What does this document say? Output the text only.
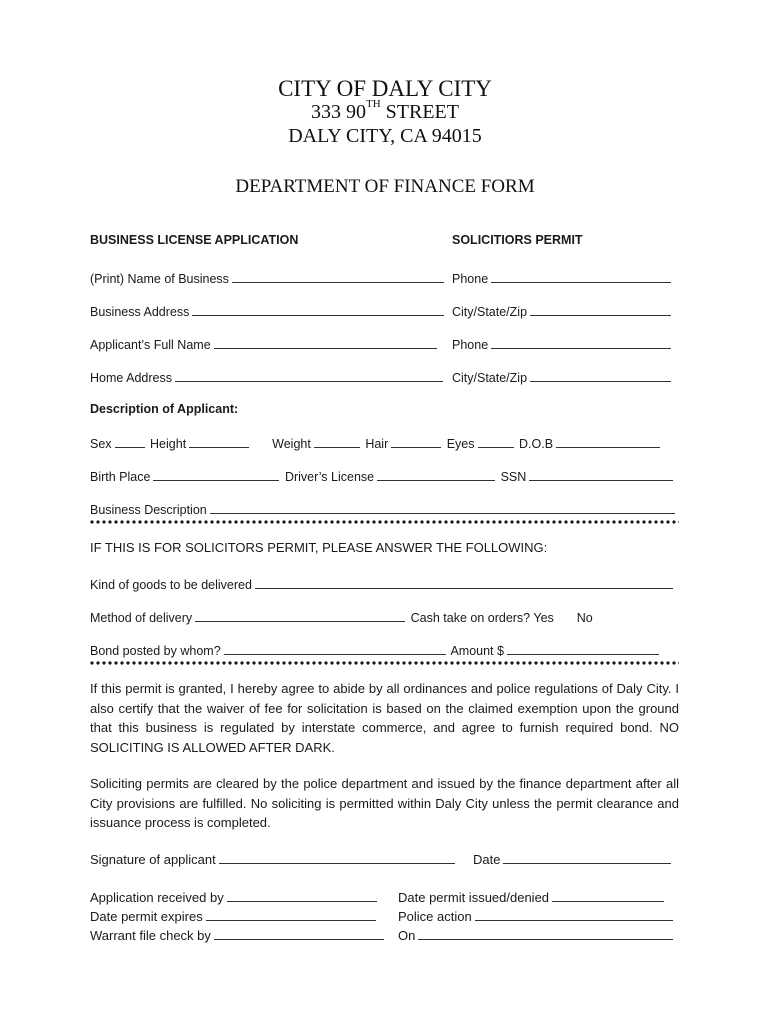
CITY OF DALY CITY
333 90TH STREET
DALY CITY, CA 94015
DEPARTMENT OF FINANCE FORM
BUSINESS LICENSE APPLICATION	SOLICITIORS PERMIT
(Print) Name of Business	Phone
Business Address	City/State/Zip
Applicant’s Full Name	Phone
Home Address	City/State/Zip
Description of Applicant:
Sex	Height	Weight	Hair	Eyes	D.O.B
Birth Place	Driver’s License	SSN
Business Description
IF THIS IS FOR SOLICITORS PERMIT, PLEASE ANSWER THE FOLLOWING:
Kind of goods to be delivered
Method of delivery	Cash take on orders? Yes No
Bond posted by whom?	Amount $
If this permit is granted, I hereby agree to abide by all ordinances and police regulations of Daly City. I also certify that the waiver of fee for solicitation is based on the claimed exemption upon the ground that this business is regulated by interstate commerce, and agree to furnish required bond. NO SOLICITING IS ALLOWED AFTER DARK.
Soliciting permits are cleared by the police department and issued by the finance department after all City provisions are fulfilled. No soliciting is permitted within Daly City unless the permit clearance and issuance process is completed.
Signature of applicant	Date
Application received by	Date permit issued/denied
Date permit expires	Police action
Warrant file check by	On
